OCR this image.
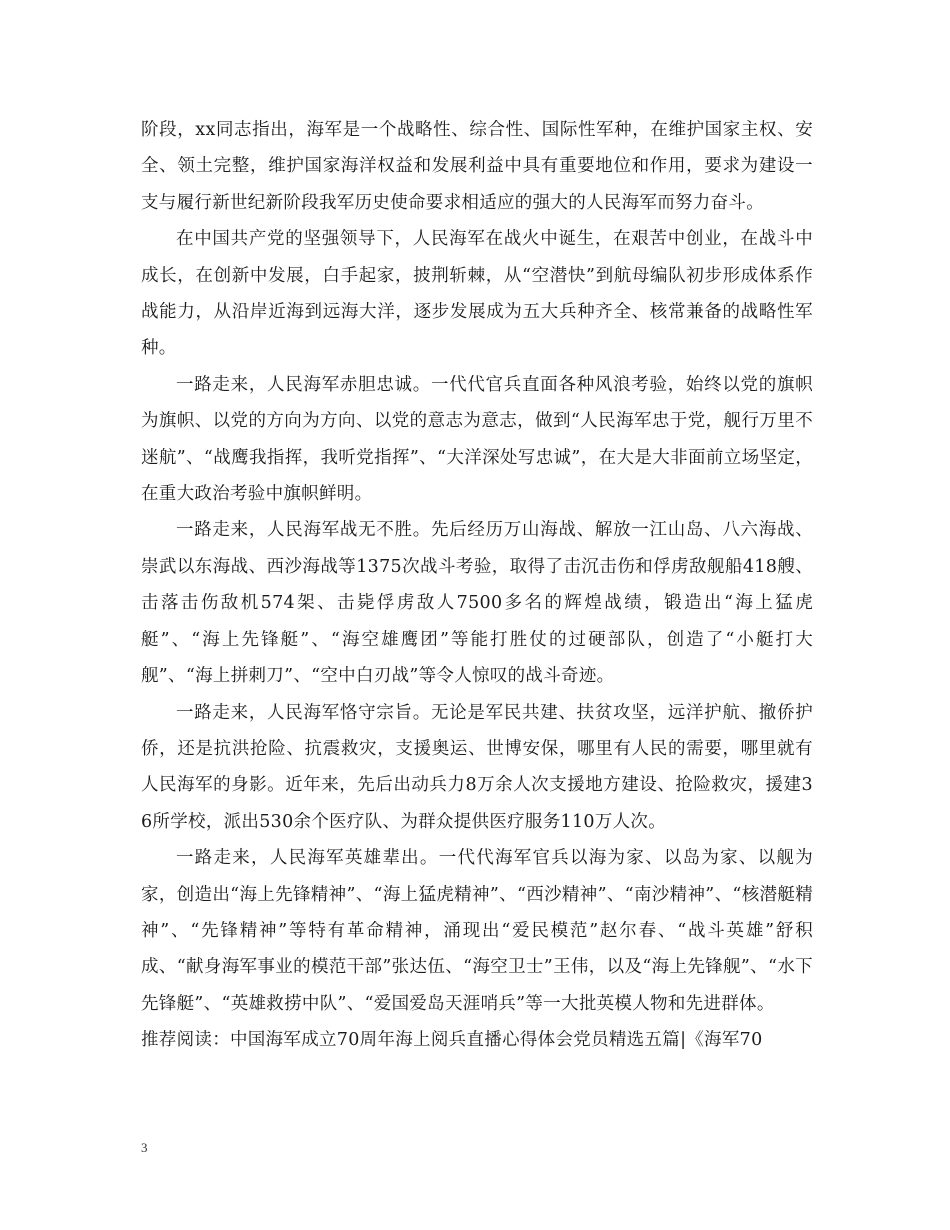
阶段，xx同志指出，海军是一个战略性、综合性、国际性军种，在维护国家主权、安全、领土完整，维护国家海洋权益和发展利益中具有重要地位和作用，要求为建设一支与履行新世纪新阶段我军历史使命要求相适应的强大的人民海军而努力奋斗。

在中国共产党的坚强领导下，人民海军在战火中诞生，在艰苦中创业，在战斗中成长，在创新中发展，白手起家，披荆斩棘，从“空潜快”到航母编队初步形成体系作战能力，从沿岸近海到远海大洋，逐步发展成为五大兵种齐全、核常兼备的战略性军种。

一路走来，人民海军赤胆忠诚。一代代官兵直面各种风浪考验，始终以党的旗帜为旗帜、以党的方向为方向、以党的意志为意志，做到“人民海军忠于党，舰行万里不迷航”、“战鹰我指挥，我听党指挥”、“大洋深处写忠诚”，在大是大非面前立场坚定，在重大政治考验中旗帜鲜明。

一路走来，人民海军战无不胜。先后经历万山海战、解放一江山岛、八六海战、崇武以东海战、西沙海战等1375次战斗考验，取得了击沉击伤和俘虏敌舰船418艘、击落击伤敌机574架、击毙俘虏敌人7500多名的辉煌战绩，锻造出“海上猛虎艇”、“海上先锋艇”、“海空雄鹰团”等能打胜仗的过硬部队，创造了“小艇打大舰”、“海上拼刺刀”、“空中白刃战”等令人惊叹的战斗奇迹。

一路走来，人民海军恪守宗旨。无论是军民共建、扶贫攻坚，远洋护航、撤侨护侨，还是抗洪抢险、抗震救灾，支援奥运、世博安保，哪里有人民的需要，哪里就有人民海军的身影。近年来，先后出动兵力8万余人次支援地方建设、抢险救灾，援建36所学校，派出530余个医疗队、为群众提供医疗服务110万人次。

一路走来，人民海军英雄辈出。一代代海军官兵以海为家、以岛为家、以舰为家，创造出“海上先锋精神”、“海上猛虎精神”、“西沙精神”、“南沙精神”、“核潜艇精神”、“先锋精神”等特有革命精神，涌现出“爱民模范”赵尔春、“战斗英雄”舒积成、“献身海军事业的模范干部”张达伍、“海空卫士”王伟，以及“海上先锋舰”、“水下先锋艇”、“英雄救捞中队”、“爱国爱岛天涯哨兵”等一大批英模人物和先进群体。

推荐阅读：中国海军成立70周年海上阅兵直播心得体会党员精选五篇|《海军70

3
